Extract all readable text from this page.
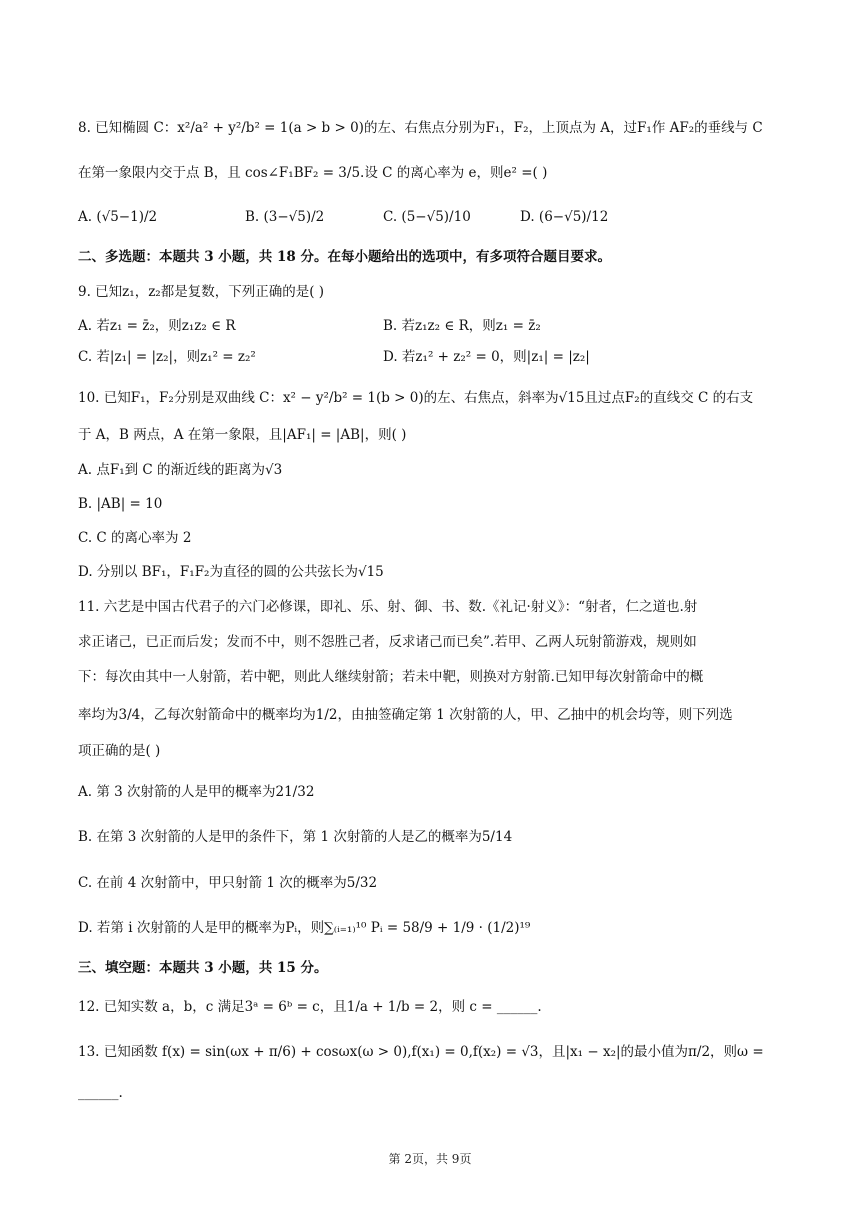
8. 已知椭圆 C：x²/a² + y²/b² = 1(a > b > 0)的左、右焦点分别为F₁，F₂，上顶点为 A，过F₁作 AF₂的垂线与 C
在第一象限内交于点 B，且 cos∠F₁BF₂ = 3/5.设 C 的离心率为 e，则e² =( )
A. (√5−1)/2	B. (3−√5)/2	C. (5−√5)/10	D. (6−√5)/12
二、多选题：本题共 3 小题，共 18 分。在每小题给出的选项中，有多项符合题目要求。
9. 已知z₁，z₂都是复数，下列正确的是( )
A. 若z₁ = z̄₂，则z₁z₂ ∈ R	B. 若z₁z₂ ∈ R，则z₁ = z̄₂
C. 若|z₁| = |z₂|，则z₁² = z₂²	D. 若z₁² + z₂² = 0，则|z₁| = |z₂|
10. 已知F₁，F₂分别是双曲线 C：x² − y²/b² = 1(b > 0)的左、右焦点，斜率为√15且过点F₂的直线交 C 的右支
于 A，B 两点，A 在第一象限，且|AF₁| = |AB|，则( )
A. 点F₁到 C 的渐近线的距离为√3
B. |AB| = 10
C. C 的离心率为 2
D. 分别以 BF₁，F₁F₂为直径的圆的公共弦长为√15
11. 六艺是中国古代君子的六门必修课，即礼、乐、射、御、书、数.《礼记·射义》：“射者，仁之道也.射
求正诸己，已正而后发；发而不中，则不怨胜己者，反求诸己而已矣”.若甲、乙两人玩射箭游戏，规则如
下：每次由其中一人射箭，若中靶，则此人继续射箭；若未中靶，则换对方射箭.已知甲每次射箭命中的概
率均为3/4，乙每次射箭命中的概率均为1/2，由抽签确定第 1 次射箭的人，甲、乙抽中的机会均等，则下列选
项正确的是( )
A. 第 3 次射箭的人是甲的概率为21/32
B. 在第 3 次射箭的人是甲的条件下，第 1 次射箭的人是乙的概率为5/14
C. 在前 4 次射箭中，甲只射箭 1 次的概率为5/32
D. 若第 i 次射箭的人是甲的概率为Pᵢ，则∑₍ᵢ₌₁₎¹⁰ Pᵢ = 58/9 + 1/9 · (1/2)¹⁹
三、填空题：本题共 3 小题，共 15 分。
12. 已知实数 a，b，c 满足3ᵃ = 6ᵇ = c，且1/a + 1/b = 2，则 c = ______.
13. 已知函数 f(x) = sin(ωx + π/6) + cosωx(ω > 0),f(x₁) = 0,f(x₂) = √3，且|x₁ − x₂|的最小值为π/2，则ω =
______.
第 2页，共 9页
